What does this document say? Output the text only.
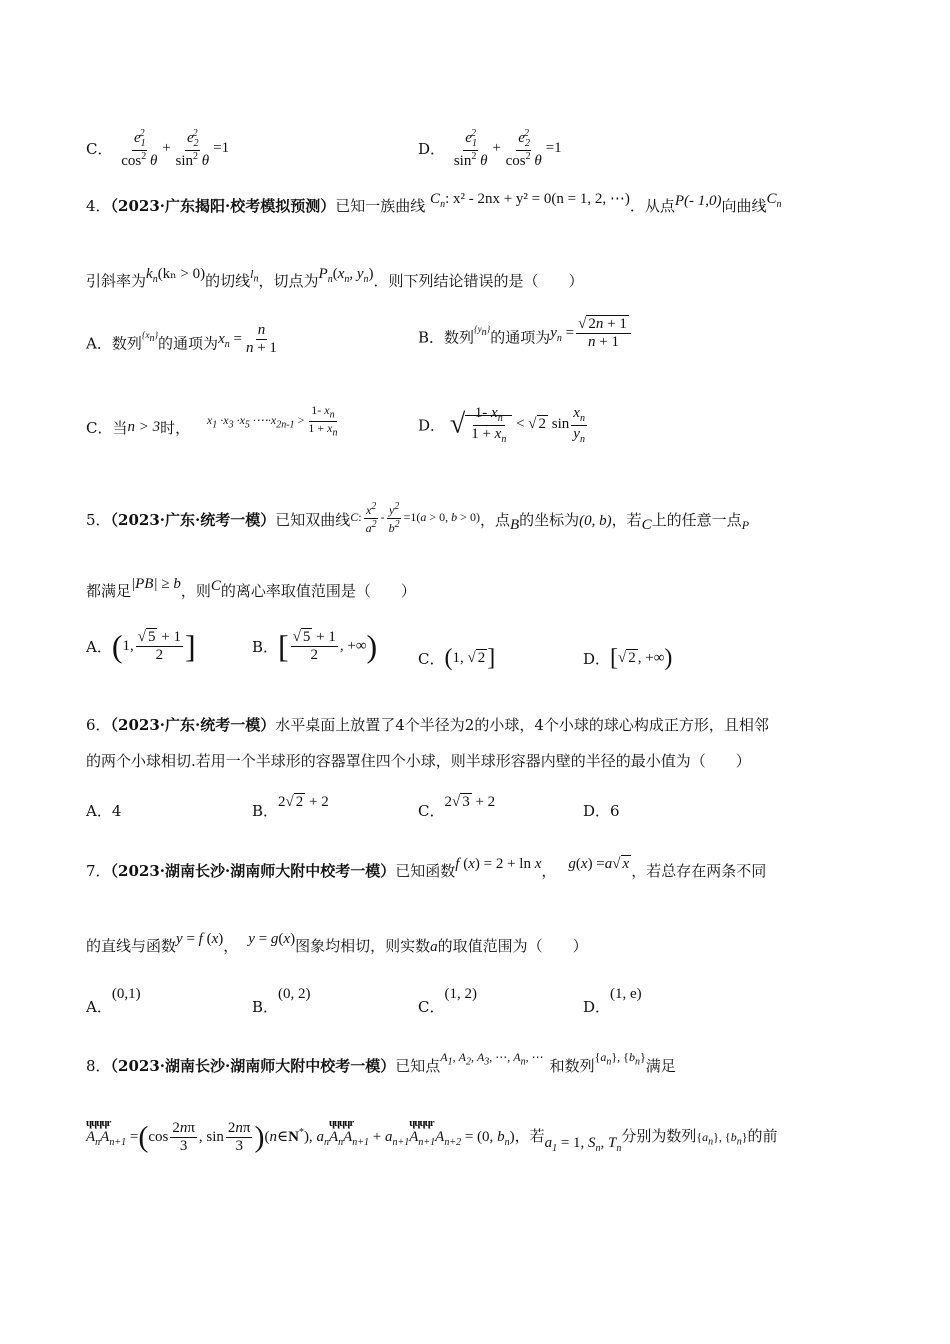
C． $\frac{e_1^2}{\cos^2 \theta} + \frac{e_2^2}{\sin^2 \theta} =1$	D． $\frac{e_1^2}{\sin^2 \theta} + \frac{e_2^2}{\cos^2 \theta} =1$
4．（2023·广东揭阳·校考模拟预测）已知一族曲线 $C_n$: x² - 2nx + y² = 0(n = 1, 2, ⋯)．从点P(- 1,0)向曲线$C_n$
引斜率为$k_n(k_n > 0)$的切线$^{l_n}$，切点为$P_n(x_n$, $y_n$)．则下列结论错误的是（　　）
A．数列$^{\{x_n\}}$的通项为$x_n = \frac{n}{n + 1}$	B．数列$^{\{y_n\}}$的通项为$y_n = \frac{√ 2n + 1}{n + 1}$
C．当n > 3时， $^{x_1 \cdot x_3 \cdot x_5 \cdot\cdots\cdot x_{2n-1} > \frac{1- x_n}{1 + x_n}}$	D． √ $\frac{1- x_n}{1 + x_n}$ < √ 2 $\sin \frac{x_n}{y_n}$
5．（2023·广东·统考一模）已知双曲线$^{C: \frac{x^2}{a^2} - \frac{y^2}{b^2} =1(a > 0, b > 0)}$，点B的坐标为(0, b)，若C上的任意一点$_P$
都满足|PB| ≥ b，则C的离心率取值范围是（　　）
A．(1, $\frac{√ 5 + 1}{2}$ ]	B．[ $\frac{√ 5 + 1}{2}$ , +∞)	C．(1, √ 2]	D．[√ 2 , +∞)
6．（2023·广东·统考一模）水平桌面上放置了4个半径为2的小球，4个小球的球心构成正方形，且相邻
的两个小球相切.若用一个半球形的容器罩住四个小球，则半球形容器内壁的半径的最小值为（　　）
A．4	B．2√ 2 + 2	C．2√ 3 + 2	D．6
7．（2023·湖南长沙·湖南师大附中校考一模）已知函数f (x) = 2 + ln x， g(x) =a√ x ，若总存在两条不同
的直线与函数y = f (x)， y = g(x)图象均相切，则实数a的取值范围为（　　）
A．(0,1)
B．(0, 2)
C．(1, 2)
D．(1, e)
8．（2023·湖南长沙·湖南师大附中校考一模）已知点$^{A_1, A_2, A_3, \cdots, A_n, \cdots}$ 和数列$^{\{a_n\}, \{b_n\}}$满足
ɥɥɥɥr $A_nA_{n+1} =(\cos \frac{2n\pi}{3}$ , $\sin \frac{2n\pi}{3}$ )(n∈N*), $a_nɥɥɥɥr$ $A_nA_{n+1}$ + $a_{n+1}ɥɥɥɥr$ $A_{n+1}A_{n+2} = (0$, $b_n$)，若$a_1 = 1$, $S_n$, $T_n$分别为数列$\{a_n\}$, $\{b_n\}$的前
